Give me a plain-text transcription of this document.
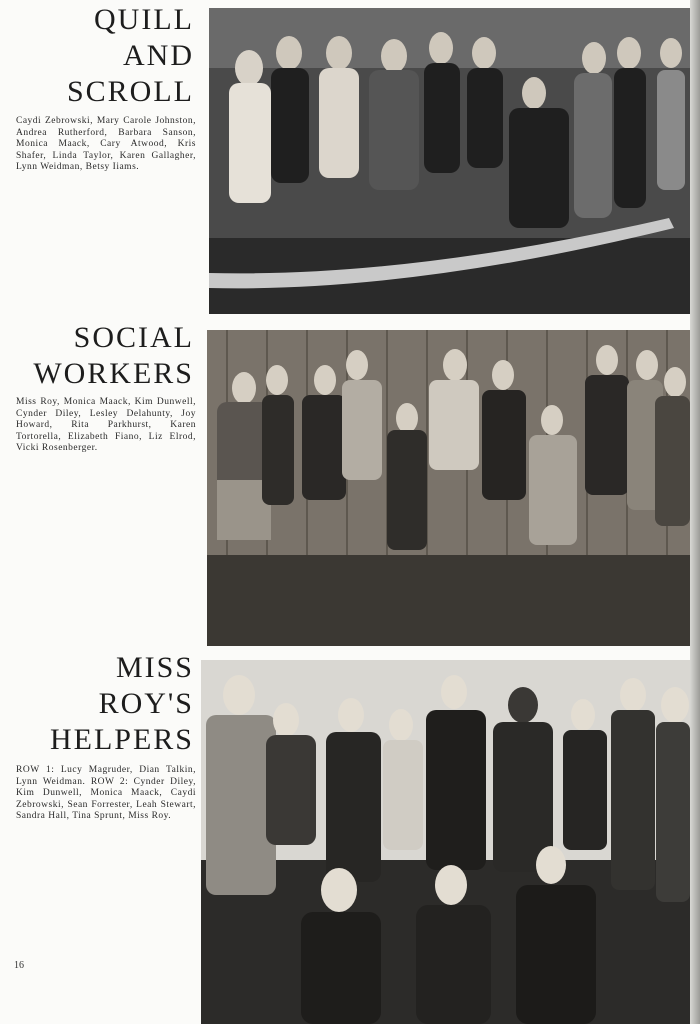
QUILL
AND
SCROLL

Caydi Zebrowski, Mary Carole Johnston, Andrea Rutherford, Barbara Sanson, Monica Maack, Cary Atwood, Kris Shafer, Linda Taylor, Karen Gallagher, Lynn Weidman, Betsy Iiams.

SOCIAL
WORKERS

Miss Roy, Monica Maack, Kim Dunwell, Cynder Diley, Lesley Delahunty, Joy Howard, Rita Parkhurst, Karen Tortorella, Elizabeth Fiano, Liz Elrod, Vicki Rosenberger.

MISS
ROY'S
HELPERS

ROW 1: Lucy Magruder, Dian Talkin, Lynn Weidman. ROW 2: Cynder Diley, Kim Dunwell, Monica Maack, Caydi Zebrowski, Sean Forrester, Leah Stewart, Sandra Hall, Tina Sprunt, Miss Roy.

16
